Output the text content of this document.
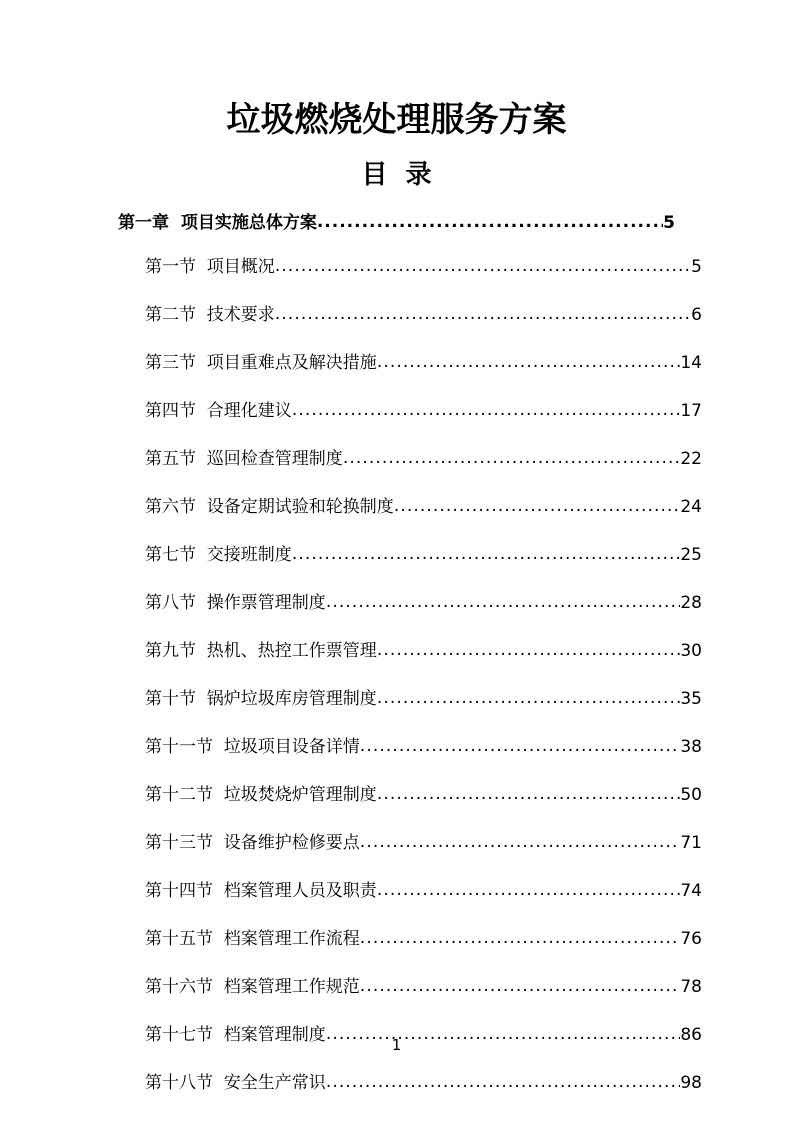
垃圾燃烧处理服务方案
目  录
第一章  项目实施总体方案 .....	5
第一节  项目概况 .....	5
第二节  技术要求 .....	6
第三节  项目重难点及解决措施 .....	14
第四节  合理化建议 .....	17
第五节  巡回检查管理制度 .....	22
第六节  设备定期试验和轮换制度 .....	24
第七节  交接班制度 .....	25
第八节  操作票管理制度 .....	28
第九节  热机、热控工作票管理 .....	30
第十节  锅炉垃圾库房管理制度 .....	35
第十一节  垃圾项目设备详情 .....	38
第十二节  垃圾焚烧炉管理制度 .....	50
第十三节  设备维护检修要点 .....	71
第十四节  档案管理人员及职责 .....	74
第十五节  档案管理工作流程 .....	76
第十六节  档案管理工作规范 .....	78
第十七节  档案管理制度 .....	86
第十八节  安全生产常识 .....	98
1
